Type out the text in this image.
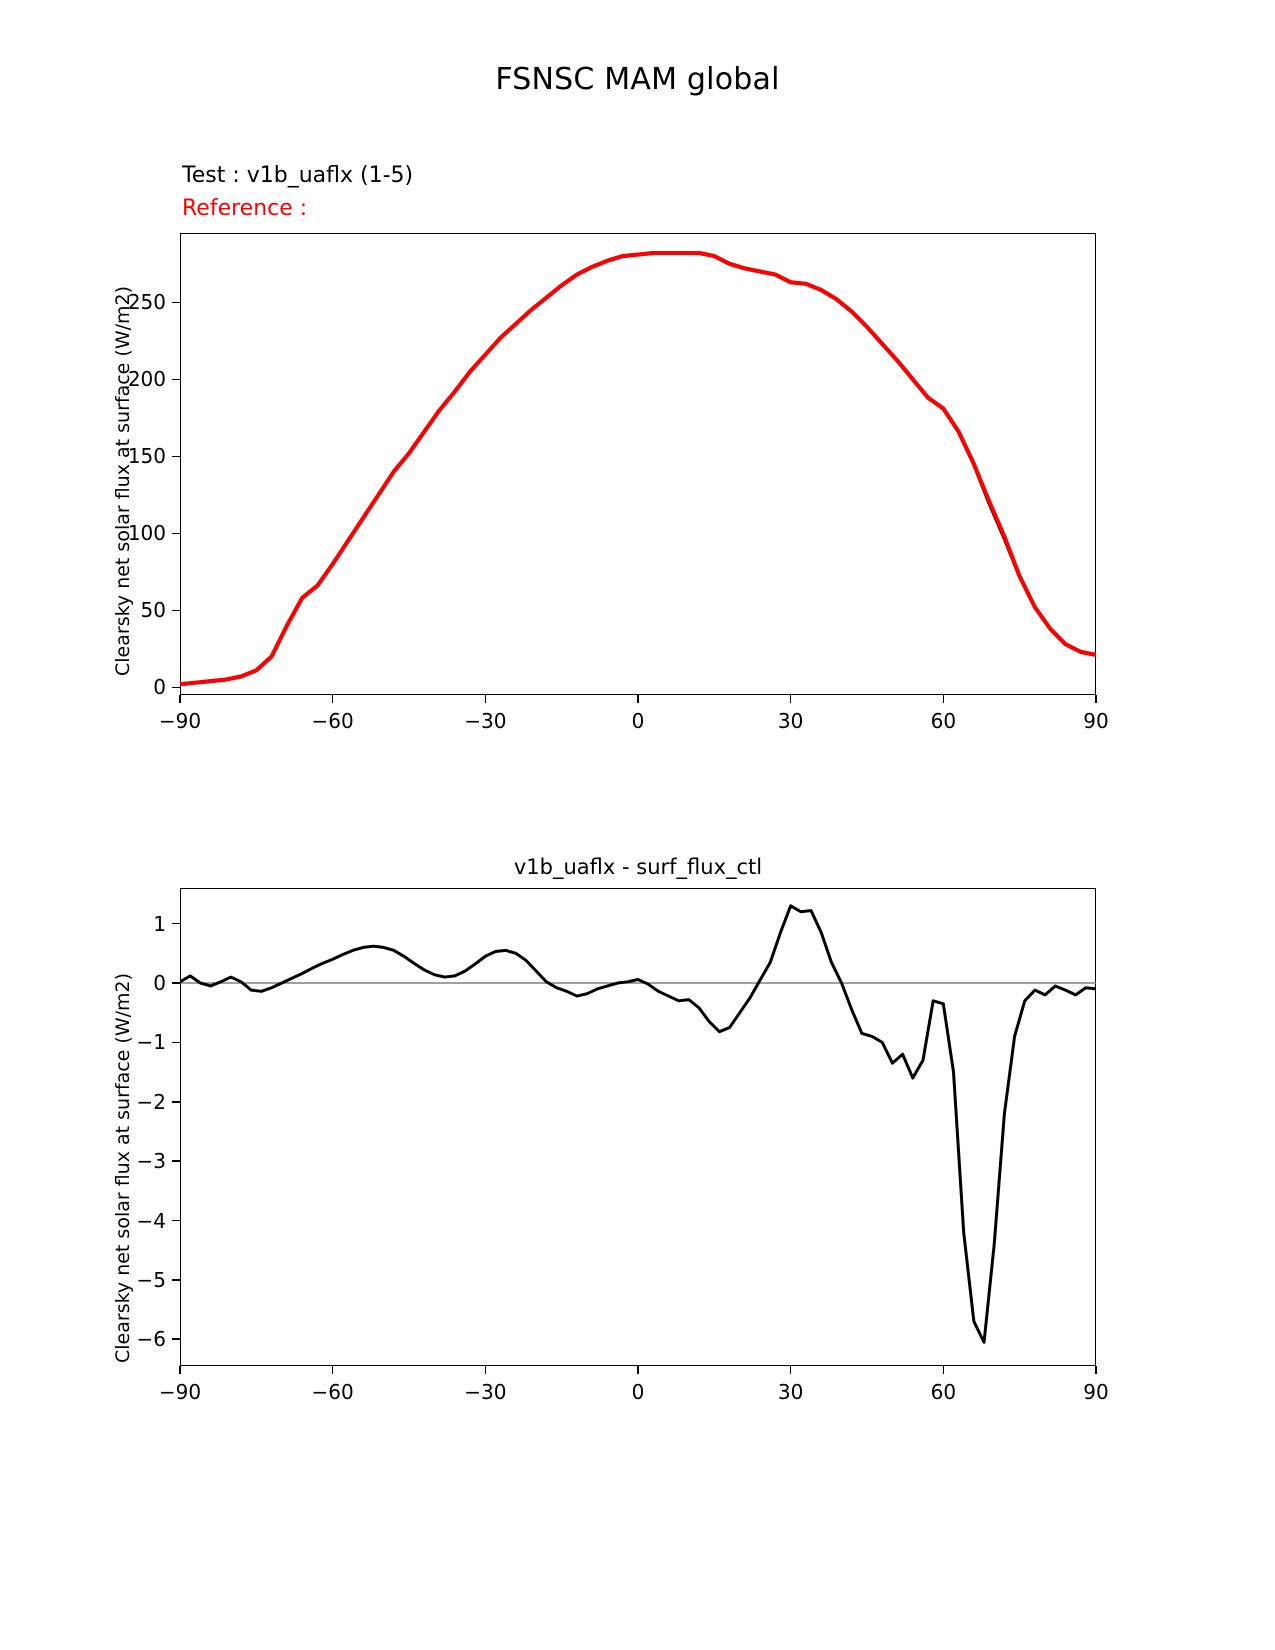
FSNSC MAM global
Test : v1b_uaflx (1-5)
Reference :
Clearsky net solar flux at surface (W/m2)
v1b_uaflx - surf_flux_ctl
Clearsky net solar flux at surface (W/m2)
−90	−60	−30	0	30	60	90
0
50
100
150
200
250
−90	−60	−30	0	30	60	90
−6
−5
−4
−3
−2
−1
0
1
